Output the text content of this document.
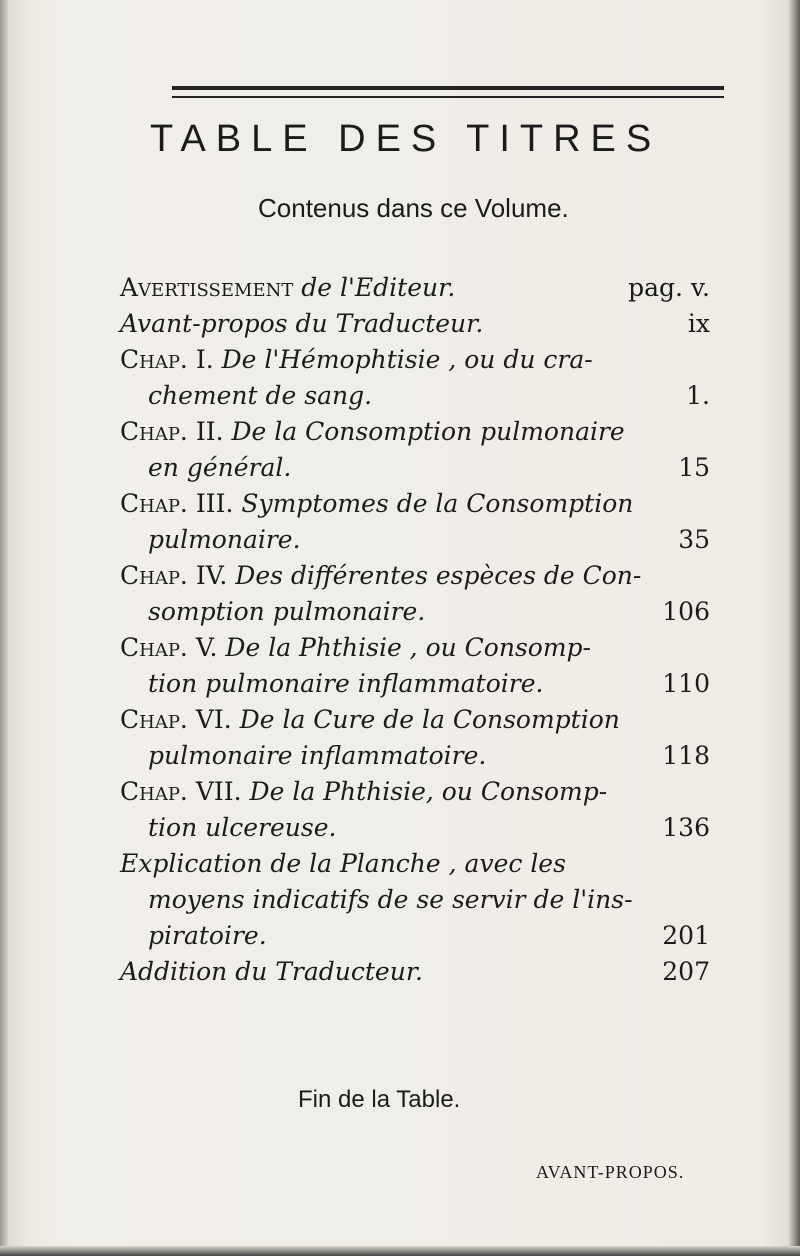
TABLE DES TITRES
Contenus dans ce Volume.
Avertissement de l'Editeur.	pag. v.
Avant-propos du Traducteur.	ix
Chap. I. De l'Hémophtisie , ou du cra-
chement de sang.	1.
Chap. II. De la Consomption pulmonaire
en général.	15
Chap. III. Symptomes de la Consomption
pulmonaire.	35
Chap. IV. Des différentes espèces de Con-
somption pulmonaire.	106
Chap. V. De la Phthisie , ou Consomp-
tion pulmonaire inflammatoire.	110
Chap. VI. De la Cure de la Consomption
pulmonaire inflammatoire.	118
Chap. VII. De la Phthisie, ou Consomp-
tion ulcereuse.	136
Explication de la Planche , avec les
moyens indicatifs de se servir de l'ins-
piratoire.	201
Addition du Traducteur.	207
Fin de la Table.
AVANT-PROPOS.
